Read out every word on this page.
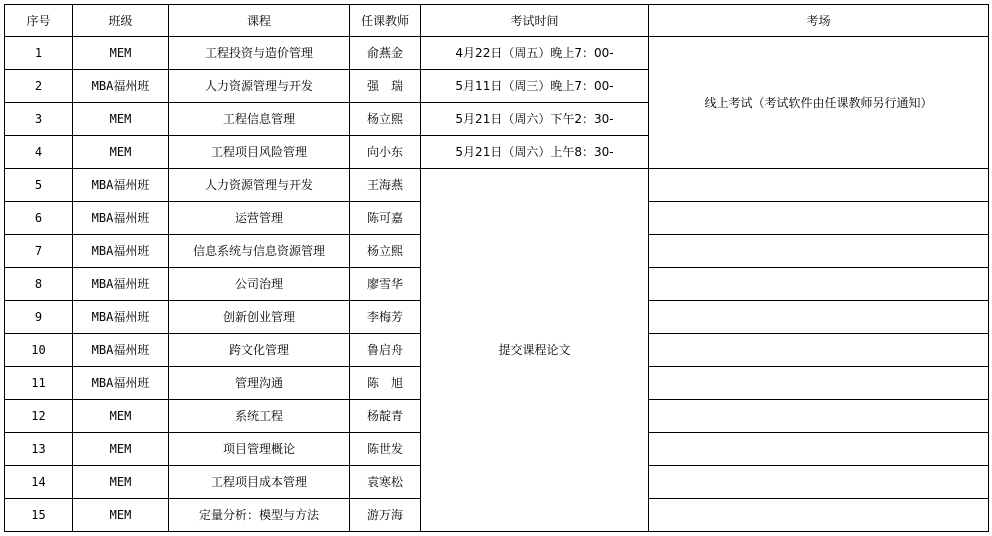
序号	班级	课程	任课教师	考试时间	考场
1	MEM	工程投资与造价管理	俞燕金	4月22日（周五）晚上7：00-	线上考试（考试软件由任课教师另行通知）
2	MBA福州班	人力资源管理与开发	强　瑞	5月11日（周三）晚上7：00-	
3	MEM	工程信息管理	杨立熙	5月21日（周六）下午2：30-	
4	MEM	工程项目风险管理	向小东	5月21日（周六）上午8：30-	
5	MBA福州班	人力资源管理与开发	王海燕	提交课程论文	
6	MBA福州班	运营管理	陈可嘉		
7	MBA福州班	信息系统与信息资源管理	杨立熙		
8	MBA福州班	公司治理	廖雪华		
9	MBA福州班	创新创业管理	李梅芳		
10	MBA福州班	跨文化管理	鲁启舟		
11	MBA福州班	管理沟通	陈　旭		
12	MEM	系统工程	杨靛青		
13	MEM	项目管理概论	陈世发		
14	MEM	工程项目成本管理	袁寒松		
15	MEM	定量分析：模型与方法	游万海		
